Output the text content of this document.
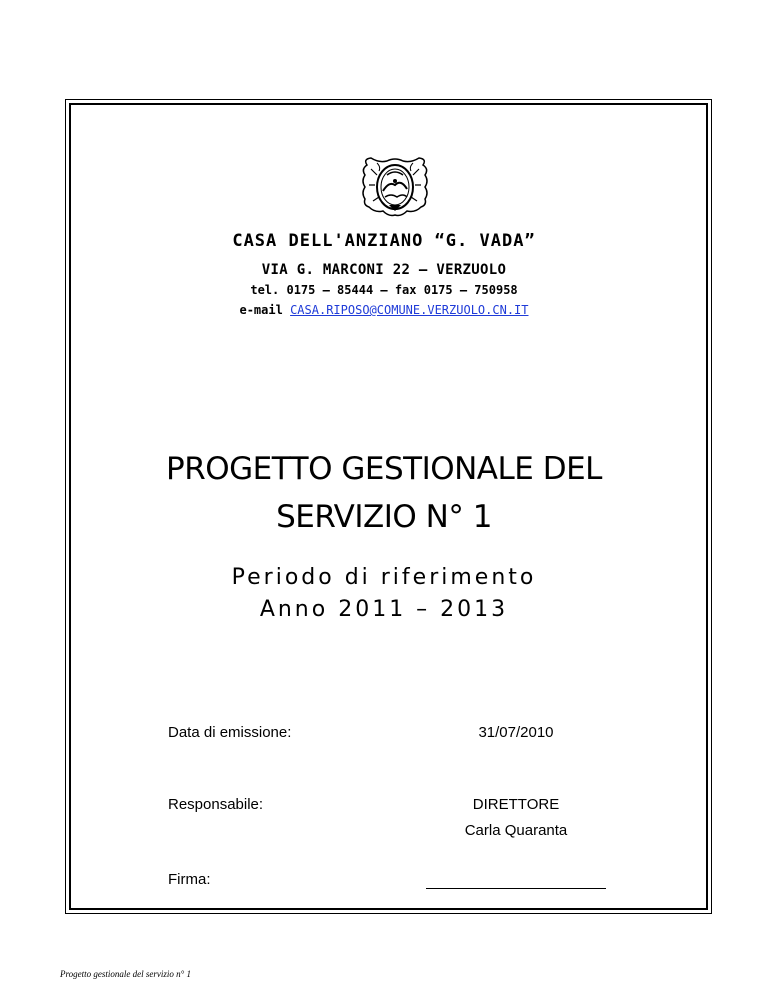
CASA DELL'ANZIANO “G. VADA”
VIA G. MARCONI 22 – VERZUOLO
tel. 0175 – 85444 – fax 0175 – 750958
e-mail CASA.RIPOSO@COMUNE.VERZUOLO.CN.IT
PROGETTO GESTIONALE DEL
SERVIZIO N° 1
Periodo di riferimento
Anno 2011 – 2013
Data di emissione:	31/07/2010
Responsabile:	DIRETTORE
Carla Quaranta
Firma:
Progetto gestionale del servizio n° 1
